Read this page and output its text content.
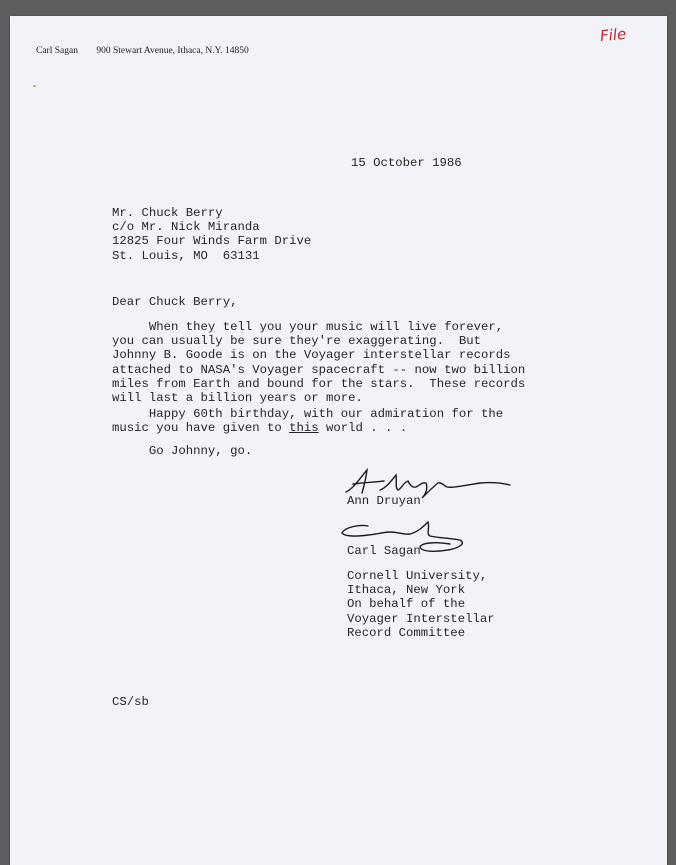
Carl Sagan 900 Stewart Avenue, Ithaca, N.Y. 14850
File
15 October 1986
Mr. Chuck Berry
c/o Mr. Nick Miranda
12825 Four Winds Farm Drive
St. Louis, MO  63131
Dear Chuck Berry,
When they tell you your music will live forever,
you can usually be sure they're exaggerating.  But
Johnny B. Goode is on the Voyager interstellar records
attached to NASA's Voyager spacecraft -- now two billion
miles from Earth and bound for the stars.  These records
will last a billion years or more.
Happy 60th birthday, with our admiration for the
music you have given to this world . . .
Go Johnny, go.
Ann Druyan
Carl Sagan
Cornell University,
Ithaca, New York
On behalf of the
Voyager Interstellar
Record Committee
CS/sb
